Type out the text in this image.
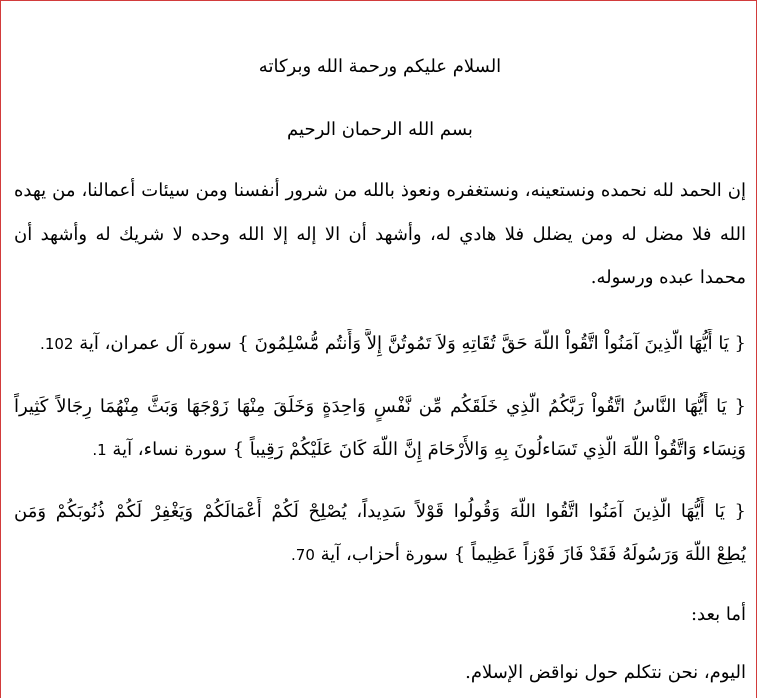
السلام عليكم ورحمة الله وبركاته
بسم الله الرحمان الرحيم
إن الحمد لله نحمده ونستعينه، ونستغفره ونعوذ بالله من شرور أنفسنا ومن سيئات أعمالنا، من يهده
الله فلا مضل له ومن يضلل فلا هادي له، وأشهد أن الا إله إلا الله وحده لا شريك له وأشهد أن
محمدا عبده ورسوله.
{ يَا أَيُّهَا الَّذِينَ آمَنُواْ اتَّقُواْ اللّهَ حَقَّ تُقَاتِهِ وَلاَ تَمُوتُنَّ إِلاَّ وَأَنتُم مُّسْلِمُونَ } سورة آل عمران، آية 102.
{ يَا أَيُّهَا النَّاسُ اتَّقُواْ رَبَّكُمُ الَّذِي خَلَقَكُم مِّن نَّفْسٍ وَاحِدَةٍ وَخَلَقَ مِنْهَا زَوْجَهَا وَبَثَّ مِنْهُمَا رِجَالاً كَثِيراً
وَنِسَاء وَاتَّقُواْ اللّهَ الَّذِي تَسَاءلُونَ بِهِ وَالأَرْحَامَ إِنَّ اللّهَ كَانَ عَلَيْكُمْ رَقِيباً } سورة نساء، آية 1.
{ يَا أَيُّهَا الَّذِينَ آمَنُوا اتَّقُوا اللَّهَ وَقُولُوا قَوْلاً سَدِيداً، يُصْلِحْ لَكُمْ أَعْمَالَكُمْ وَيَغْفِرْ لَكُمْ ذُنُوبَكُمْ وَمَن
يُطِعْ اللَّهَ وَرَسُولَهُ فَقَدْ فَازَ فَوْزاً عَظِيماً } سورة أحزاب، آية 70.
أما بعد:
اليوم، نحن نتكلم حول نواقض الإسلام.
